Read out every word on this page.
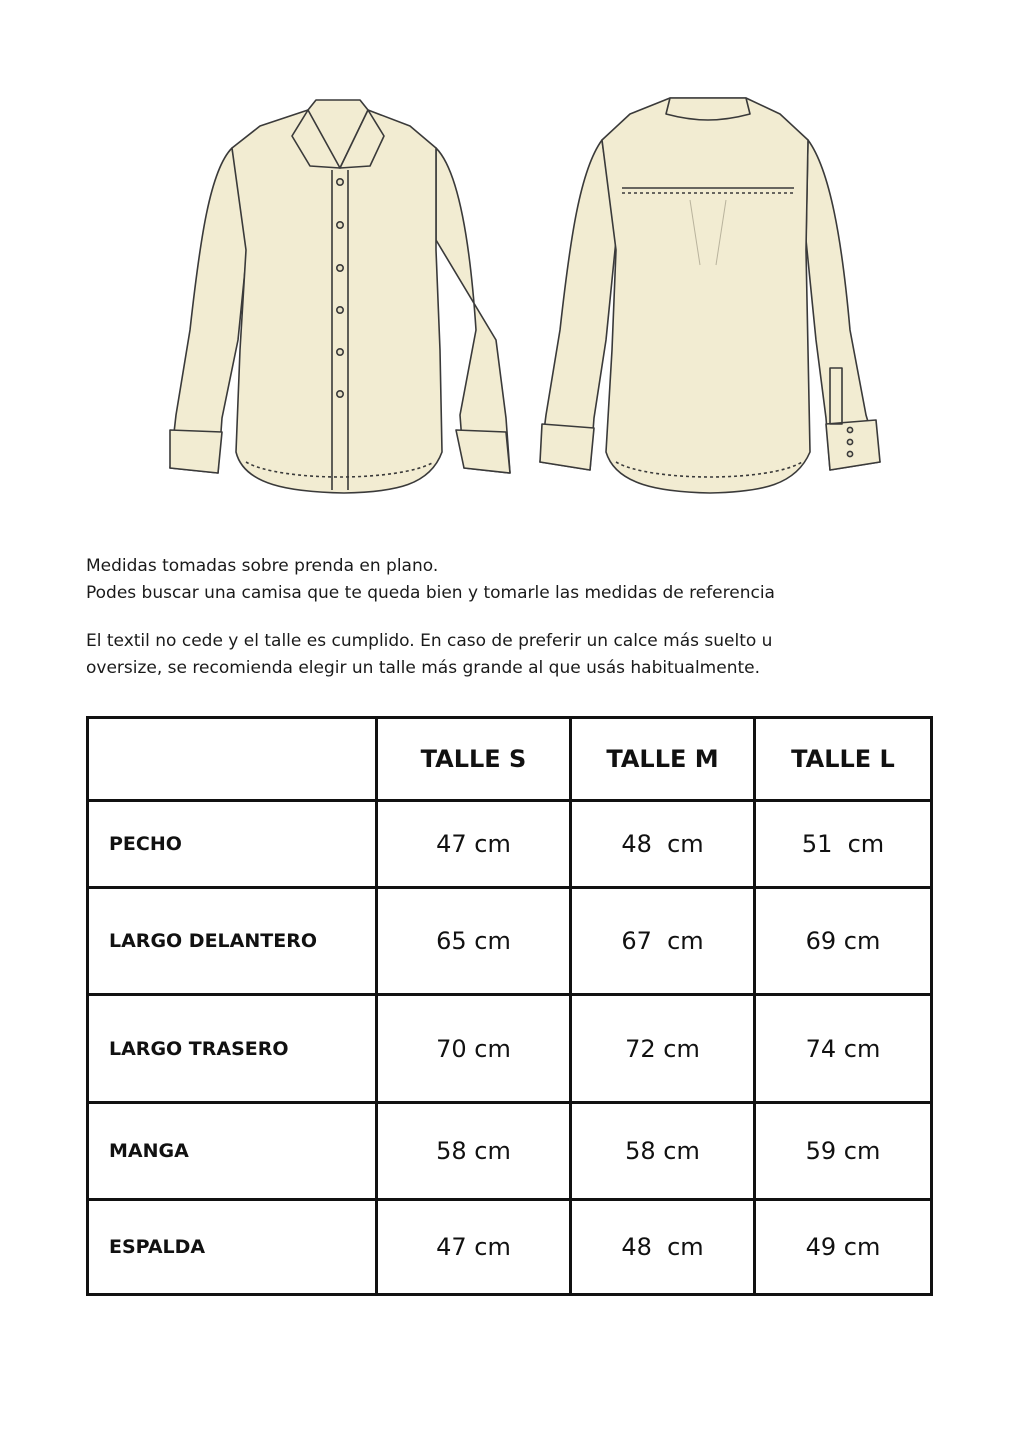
Medidas tomadas sobre prenda en plano.

Podes buscar una camisa que te queda bien y tomarle las medidas de referencia

El textil no cede y el talle es cumplido. En caso de preferir un calce más suelto u

oversize, se recomienda elegir un talle más grande al que usás habitualmente.

	TALLE S	TALLE M	TALLE L
PECHO	47 cm	48  cm	51  cm
LARGO DELANTERO	65 cm	67  cm	69 cm
LARGO TRASERO	70 cm	72 cm	74 cm
MANGA	58 cm	58 cm	59 cm
ESPALDA	47 cm	48  cm	49 cm
